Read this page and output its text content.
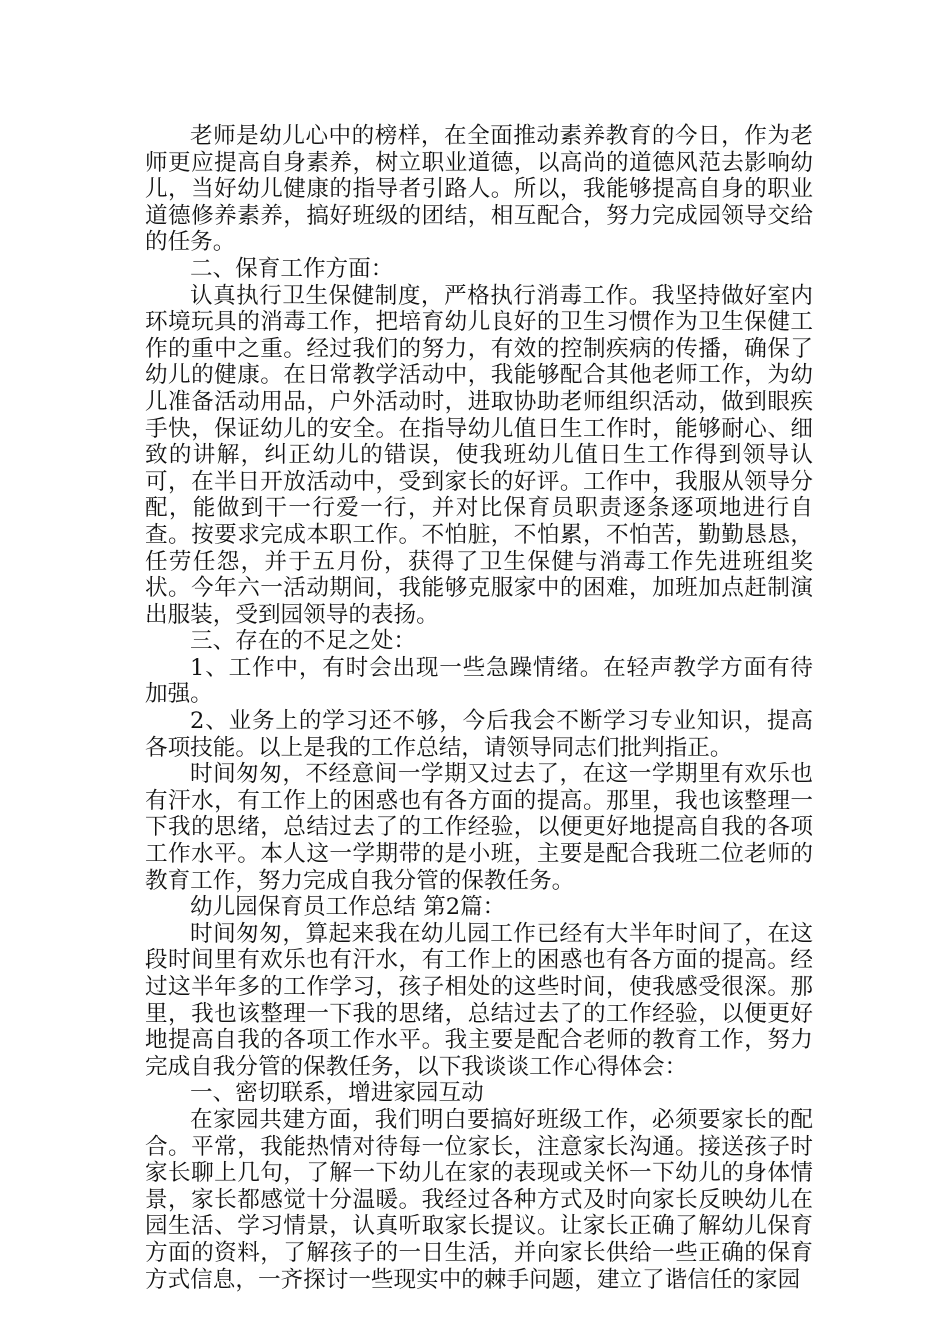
老师是幼儿心中的榜样，在全面推动素养教育的今日，作为老师更应提高自身素养，树立职业道德，以高尚的道德风范去影响幼儿，当好幼儿健康的指导者引路人。所以，我能够提高自身的职业道德修养素养，搞好班级的团结，相互配合，努力完成园领导交给的任务。

二、保育工作方面：

认真执行卫生保健制度，严格执行消毒工作。我坚持做好室内环境玩具的消毒工作，把培育幼儿良好的卫生习惯作为卫生保健工作的重中之重。经过我们的努力，有效的控制疾病的传播，确保了幼儿的健康。在日常教学活动中，我能够配合其他老师工作，为幼儿准备活动用品，户外活动时，进取协助老师组织活动，做到眼疾手快，保证幼儿的安全。在指导幼儿值日生工作时，能够耐心、细致的讲解，纠正幼儿的错误，使我班幼儿值日生工作得到领导认可，在半日开放活动中，受到家长的好评。工作中，我服从领导分配，能做到干一行爱一行，并对比保育员职责逐条逐项地进行自查。按要求完成本职工作。不怕脏，不怕累，不怕苦，勤勤恳恳，任劳任怨，并于五月份，获得了卫生保健与消毒工作先进班组奖状。今年六一活动期间，我能够克服家中的困难，加班加点赶制演出服装，受到园领导的表扬。

三、存在的不足之处：

1、工作中，有时会出现一些急躁情绪。在轻声教学方面有待加强。

2、业务上的学习还不够，今后我会不断学习专业知识，提高各项技能。以上是我的工作总结，请领导同志们批判指正。

时间匆匆，不经意间一学期又过去了，在这一学期里有欢乐也有汗水，有工作上的困惑也有各方面的提高。那里，我也该整理一下我的思绪，总结过去了的工作经验，以便更好地提高自我的各项工作水平。本人这一学期带的是小班，主要是配合我班二位老师的教育工作，努力完成自我分管的保教任务。

幼儿园保育员工作总结 第2篇：

时间匆匆，算起来我在幼儿园工作已经有大半年时间了，在这段时间里有欢乐也有汗水，有工作上的困惑也有各方面的提高。经过这半年多的工作学习，孩子相处的这些时间，使我感受很深。那里，我也该整理一下我的思绪，总结过去了的工作经验，以便更好地提高自我的各项工作水平。我主要是配合老师的教育工作，努力完成自我分管的保教任务，以下我谈谈工作心得体会：

一、密切联系，增进家园互动

在家园共建方面，我们明白要搞好班级工作，必须要家长的配合。平常，我能热情对待每一位家长，注意家长沟通。接送孩子时家长聊上几句，了解一下幼儿在家的表现或关怀一下幼儿的身体情景，家长都感觉十分温暖。我经过各种方式及时向家长反映幼儿在园生活、学习情景，认真听取家长提议。让家长正确了解幼儿保育方面的资料，了解孩子的一日生活，并向家长供给一些正确的保育方式信息，一齐探讨一些现实中的棘手问题，建立了谐信任的家园
